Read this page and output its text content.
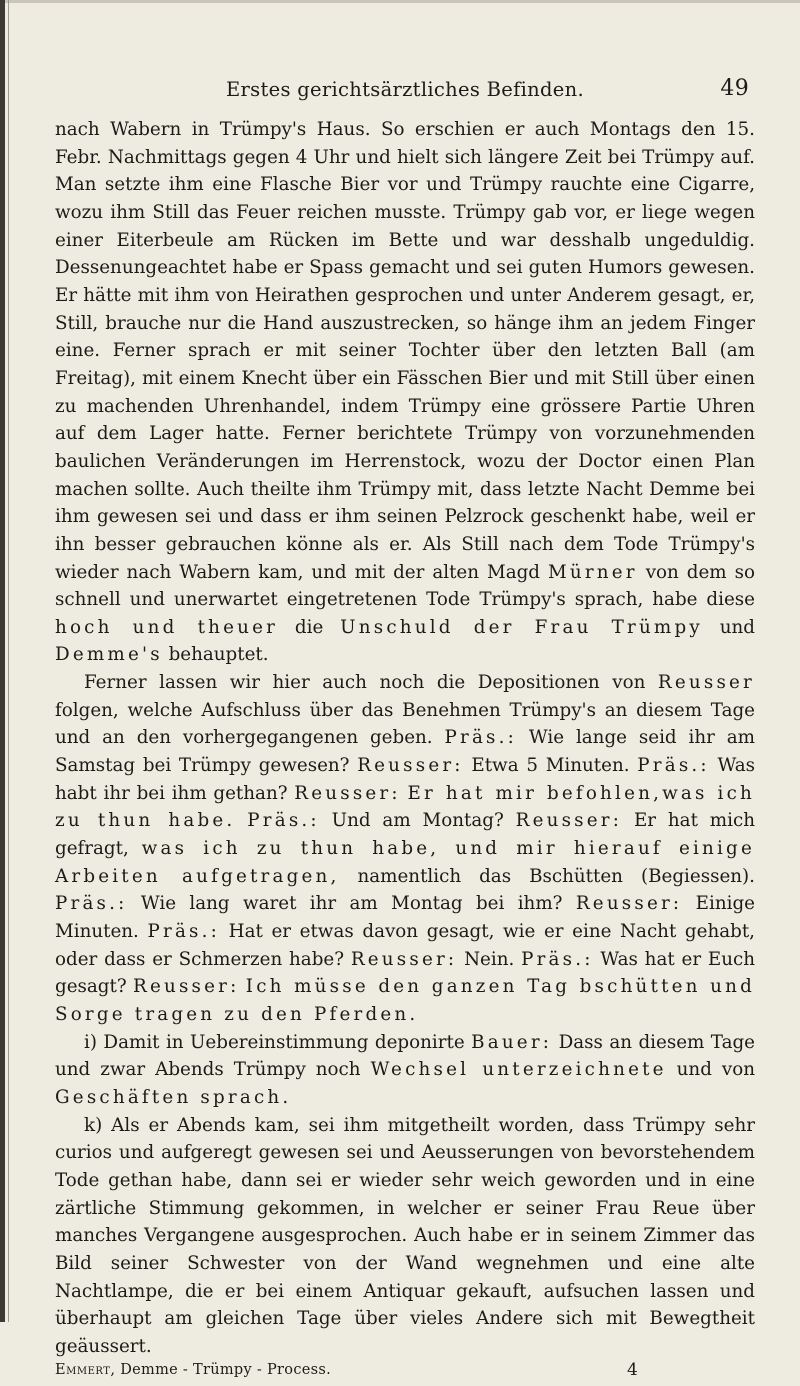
Erstes gerichtsärztliches Befinden.	49

nach Wabern in Trümpy's Haus. So erschien er auch Montags den 15. Febr. Nachmittags gegen 4 Uhr und hielt sich längere Zeit bei Trümpy auf. Man setzte ihm eine Flasche Bier vor und Trümpy rauchte eine Cigarre, wozu ihm Still das Feuer reichen musste. Trümpy gab vor, er liege wegen einer Eiterbeule am Rücken im Bette und war desshalb ungeduldig. Dessenungeachtet habe er Spass gemacht und sei guten Humors gewesen. Er hätte mit ihm von Heirathen gesprochen und unter Anderem gesagt, er, Still, brauche nur die Hand auszustrecken, so hänge ihm an jedem Finger eine. Ferner sprach er mit seiner Tochter über den letzten Ball (am Freitag), mit einem Knecht über ein Fässchen Bier und mit Still über einen zu machenden Uhrenhandel, indem Trümpy eine grössere Partie Uhren auf dem Lager hatte. Ferner berichtete Trümpy von vorzunehmenden baulichen Veränderungen im Herrenstock, wozu der Doctor einen Plan machen sollte. Auch theilte ihm Trümpy mit, dass letzte Nacht Demme bei ihm gewesen sei und dass er ihm seinen Pelzrock geschenkt habe, weil er ihn besser gebrauchen könne als er. Als Still nach dem Tode Trümpy's wieder nach Wabern kam, und mit der alten Magd Mürner von dem so schnell und unerwartet eingetretenen Tode Trümpy's sprach, habe diese hoch und theuer die Unschuld der Frau Trümpy und Demme's behauptet.

Ferner lassen wir hier auch noch die Depositionen von Reusser folgen, welche Aufschluss über das Benehmen Trümpy's an diesem Tage und an den vorhergegangenen geben. Präs.: Wie lange seid ihr am Samstag bei Trümpy gewesen? Reusser: Etwa 5 Minuten. Präs.: Was habt ihr bei ihm gethan? Reusser: Er hat mir befohlen,was ich zu thun habe. Präs.: Und am Montag? Reusser: Er hat mich gefragt, was ich zu thun habe, und mir hierauf einige Arbeiten aufgetragen, namentlich das Bschütten (Begiessen). Präs.: Wie lang waret ihr am Montag bei ihm? Reusser: Einige Minuten. Präs.: Hat er etwas davon gesagt, wie er eine Nacht gehabt, oder dass er Schmerzen habe? Reusser: Nein. Präs.: Was hat er Euch gesagt? Reusser: Ich müsse den ganzen Tag bschütten und Sorge tragen zu den Pferden.

i) Damit in Uebereinstimmung deponirte Bauer: Dass an diesem Tage und zwar Abends Trümpy noch Wechsel unterzeichnete und von Geschäften sprach.

k) Als er Abends kam, sei ihm mitgetheilt worden, dass Trümpy sehr curios und aufgeregt gewesen sei und Aeusserungen von bevorstehendem Tode gethan habe, dann sei er wieder sehr weich geworden und in eine zärtliche Stimmung gekommen, in welcher er seiner Frau Reue über manches Vergangene ausgesprochen. Auch habe er in seinem Zimmer das Bild seiner Schwester von der Wand wegnehmen und eine alte Nachtlampe, die er bei einem Antiquar gekauft, aufsuchen lassen und überhaupt am gleichen Tage über vieles Andere sich mit Bewegtheit geäussert.

Emmert, Demme - Trümpy - Process.	4
